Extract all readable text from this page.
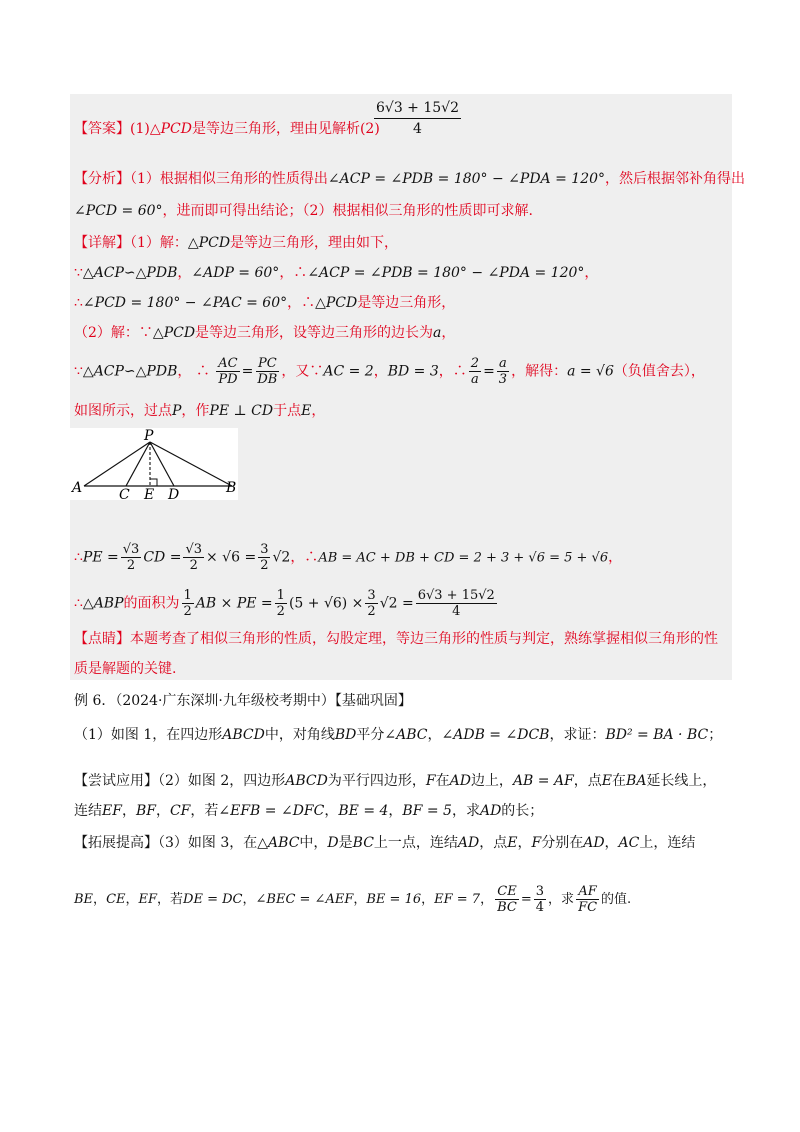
【答案】(1)△PCD是等边三角形，理由见解析(2)
$\frac{6√3 + 15√2}{4}$
【分析】（1）根据相似三角形的性质得出∠ACP = ∠PDB = 180° − ∠PDA = 120°，然后根据邻补角得出
∠PCD = 60°，进而即可得出结论；（2）根据相似三角形的性质即可求解.
【详解】（1）解：△PCD是等边三角形，理由如下，
∵△ACP∽△PDB，∠ADP = 60°，∴∠ACP = ∠PDB = 180° − ∠PDA = 120°，
∴∠PCD = 180° − ∠PAC = 60°，∴△PCD是等边三角形，
（2）解：∵△PCD是等边三角形，设等边三角形的边长为a，
∵△ACP∽△PDB， ∴ $\frac{AC}{PD} = \frac{PC}{DB}$ ，又∵AC = 2，BD = 3，∴ $\frac{2}{a} = \frac{a}{3}$ ，解得：a = √6（负值舍去），
如图所示，过点P，作PE ⊥ CD于点E，
P
A	C E D	B
∴PE = $\frac{√3}{2}$ CD = $\frac{√3}{2} \times √6 = \frac{3}{2} √2$，∴AB = AC + DB + CD = 2 + 3 + √6 = 5 + √6，
∴△ABP的面积为 $\frac{1}{2}$ AB × PE = $\frac{1}{2} (5 + √6) \times \frac{3}{2} √2 = \frac{6√3 + 15√2}{4}$
【点睛】本题考查了相似三角形的性质，勾股定理，等边三角形的性质与判定，熟练掌握相似三角形的性
质是解题的关键.
例 6．（2024·广东深圳·九年级校考期中）【基础巩固】
（1）如图 1，在四边形ABCD中，对角线BD平分∠ABC，∠ADB = ∠DCB，求证：BD² = BA · BC；
【尝试应用】（2）如图 2，四边形ABCD为平行四边形，F在AD边上，AB = AF，点E在BA延长线上，
连结EF，BF，CF，若∠EFB = ∠DFC，BE = 4，BF = 5，求AD的长；
【拓展提高】（3）如图 3，在△ABC中，D是BC上一点，连结AD，点E，F分别在AD，AC上，连结
BE，CE，EF，若DE = DC，∠BEC = ∠AEF，BE = 16，EF = 7， $\frac{CE}{BC} = \frac{3}{4}$ ，求 $\frac{AF}{FC}$ 的值.
